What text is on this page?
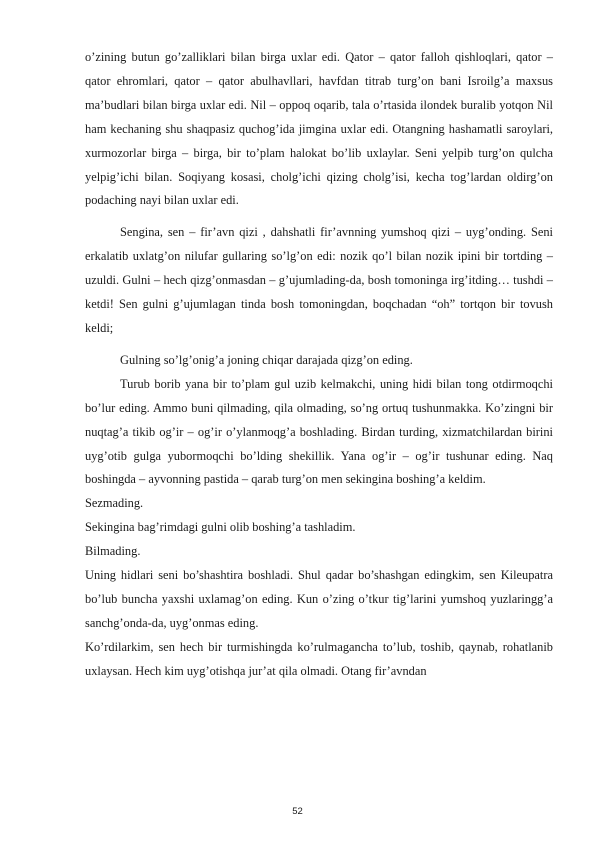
o’zining butun go’zalliklari bilan birga uxlar edi. Qator – qator falloh qishloqlari, qator – qator ehromlari, qator – qator abulhavllari, havfdan titrab turg’on bani Isroilg’a maxsus ma’budlari bilan birga uxlar edi. Nil – oppoq oqarib, tala o’rtasida ilondek buralib yotqon Nil ham kechaning shu shaqpasiz quchog’ida jimgina uxlar edi. Otangning hashamatli saroylari, xurmozorlar birga – birga, bir to’plam halokat bo’lib uxlaylar. Seni yelpib turg’on qulcha yelpig’ichi bilan. Soqiyang kosasi, cholg’ichi qizing cholg’isi, kecha tog’lardan oldirg’on podaching nayi bilan uxlar edi.

Sengina, sen – fir’avn qizi , dahshatli fir’avnning yumshoq qizi – uyg’onding. Seni erkalatib uxlatg’on nilufar gullaring so’lg’on edi: nozik qo’l bilan nozik ipini bir tortding – uzuldi. Gulni – hech qizg’onmasdan – g’ujumlading-da, bosh tomoninga irg’itding… tushdi – ketdi! Sen gulni g’ujumlagan tinda bosh tomoningdan, boqchadan “oh” tortqon bir tovush keldi;

Gulning so’lg’onig’a joning chiqar darajada qizg’on eding.

Turub borib yana bir to’plam gul uzib kelmakchi, uning hidi bilan tong otdirmoqchi bo’lur eding. Ammo buni qilmading, qila olmading, so’ng ortuq tushunmakka. Ko’zingni bir nuqtag’a tikib og’ir – og’ir o’ylanmoqg’a boshlading. Birdan turding, xizmatchilardan birini uyg’otib gulga yubormoqchi bo’lding shekillik. Yana og’ir – og’ir tushunar eding. Naq boshingda – ayvonning pastida – qarab turg’on men sekingina boshing’a keldim.

Sezmading.

Sekingina bag’rimdagi gulni olib boshing’a tashladim.

Bilmading.

Uning hidlari seni bo’shashtira boshladi. Shul qadar bo’shashgan edingkim, sen Kileupatra bo’lub buncha yaxshi uxlamag’on eding. Kun o’zing o’tkur tig’larini yumshoq yuzlaringg’a sanchg’onda-da, uyg’onmas eding.

Ko’rdilarkim, sen hech bir turmishingda ko’rulmagancha to’lub, toshib, qaynab, rohatlanib uxlaysan. Hech kim uyg’otishqa jur’at qila olmadi. Otang fir’avndan

52
